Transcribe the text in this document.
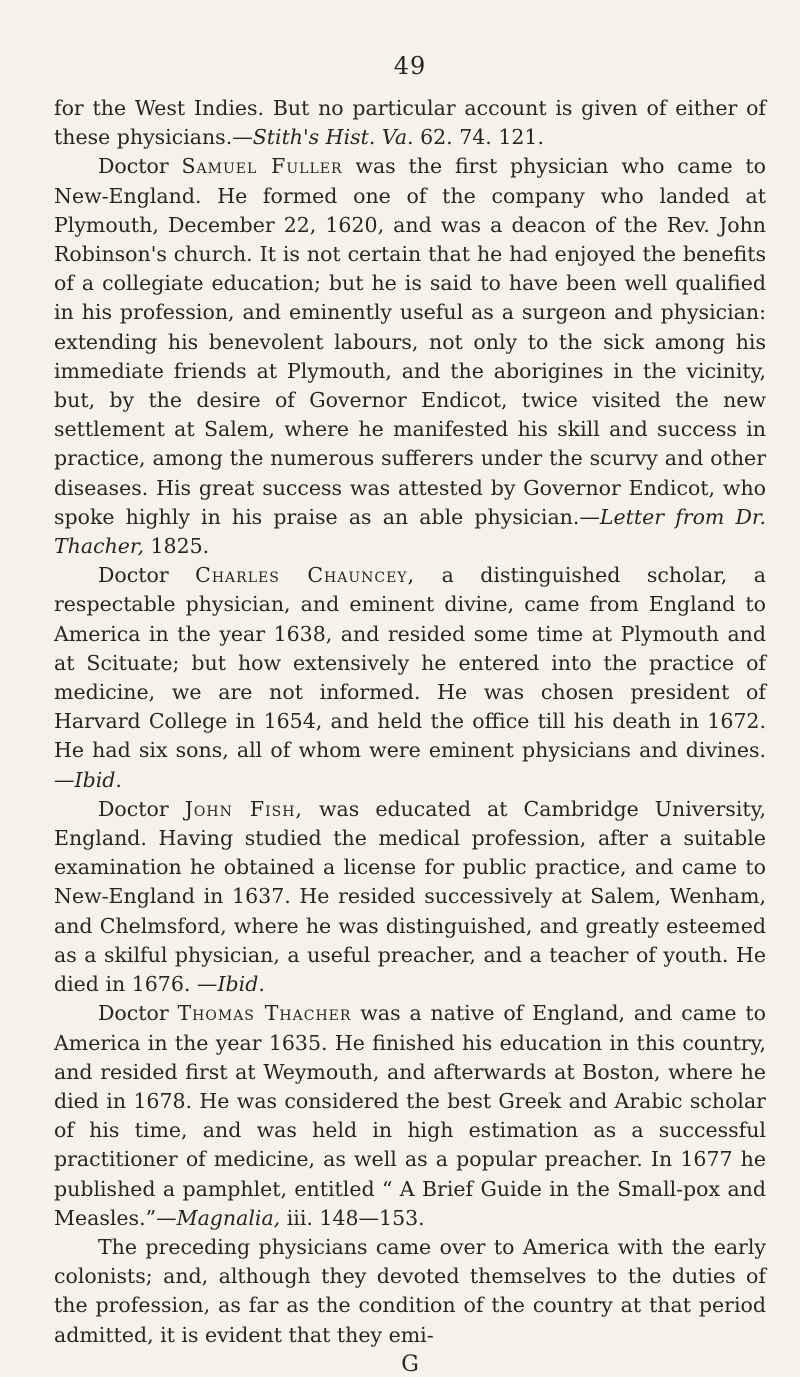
49

for the West Indies. But no particular account is given of either of these physicians.—Stith's Hist. Va. 62. 74. 121.

Doctor Samuel Fuller was the first physician who came to New-England. He formed one of the company who landed at Plymouth, December 22, 1620, and was a deacon of the Rev. John Robinson's church. It is not certain that he had enjoyed the benefits of a collegiate education; but he is said to have been well qualified in his profession, and eminently useful as a surgeon and physician: extending his benevolent labours, not only to the sick among his immediate friends at Plymouth, and the aborigines in the vicinity, but, by the desire of Governor Endicot, twice visited the new settlement at Salem, where he manifested his skill and success in practice, among the numerous sufferers under the scurvy and other diseases. His great success was attested by Governor Endicot, who spoke highly in his praise as an able physician.—Letter from Dr. Thacher, 1825.

Doctor Charles Chauncey, a distinguished scholar, a respectable physician, and eminent divine, came from England to America in the year 1638, and resided some time at Plymouth and at Scituate; but how extensively he entered into the practice of medicine, we are not informed. He was chosen president of Harvard College in 1654, and held the office till his death in 1672. He had six sons, all of whom were eminent physicians and divines.—Ibid.

Doctor John Fish, was educated at Cambridge University, England. Having studied the medical profession, after a suitable examination he obtained a license for public practice, and came to New-England in 1637. He resided successively at Salem, Wenham, and Chelmsford, where he was distinguished, and greatly esteemed as a skilful physician, a useful preacher, and a teacher of youth. He died in 1676. —Ibid.

Doctor Thomas Thacher was a native of England, and came to America in the year 1635. He finished his education in this country, and resided first at Weymouth, and afterwards at Boston, where he died in 1678. He was considered the best Greek and Arabic scholar of his time, and was held in high estimation as a successful practitioner of medicine, as well as a popular preacher. In 1677 he published a pamphlet, entitled “ A Brief Guide in the Small-pox and Measles.”—Magnalia, iii. 148—153.

The preceding physicians came over to America with the early colonists; and, although they devoted themselves to the duties of the profession, as far as the condition of the country at that period admitted, it is evident that they emi-

G
